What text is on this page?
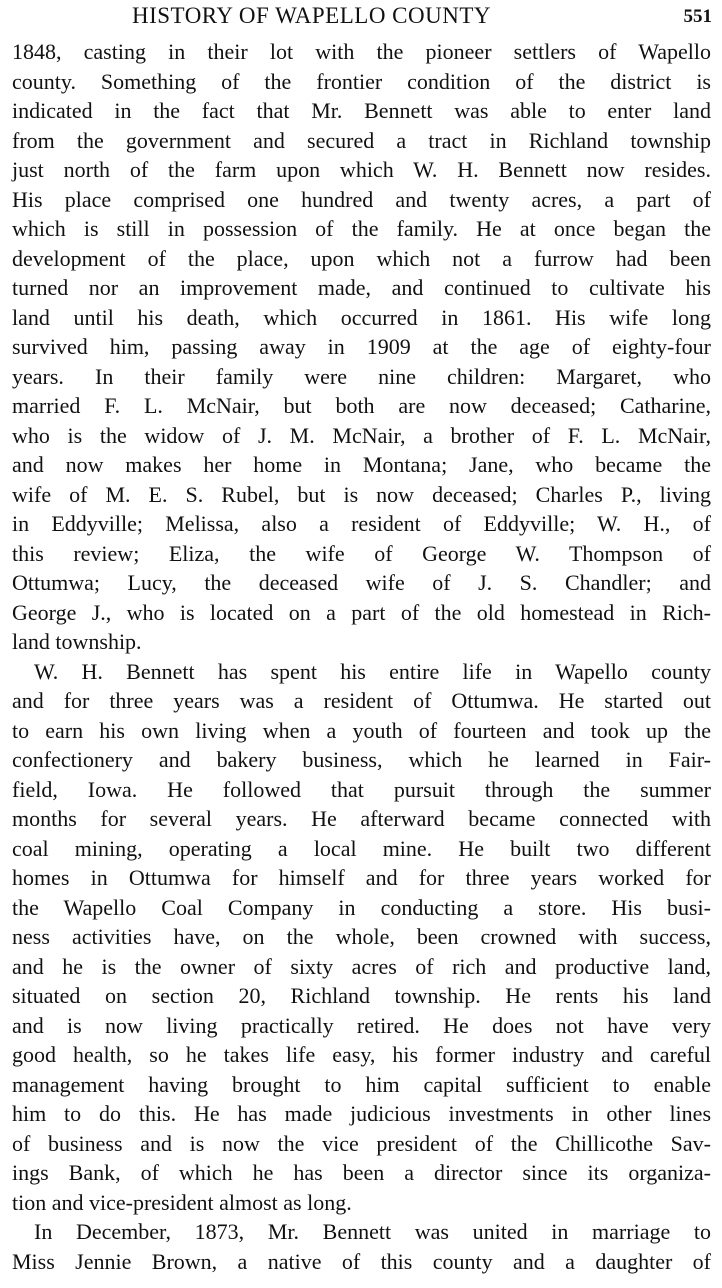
HISTORY OF WAPELLO COUNTY	551
1848, casting in their lot with the pioneer settlers of Wapello
county. Something of the frontier condition of the district is
indicated in the fact that Mr. Bennett was able to enter land
from the government and secured a tract in Richland township
just north of the farm upon which W. H. Bennett now resides.
His place comprised one hundred and twenty acres, a part of
which is still in possession of the family. He at once began the
development of the place, upon which not a furrow had been
turned nor an improvement made, and continued to cultivate his
land until his death, which occurred in 1861. His wife long
survived him, passing away in 1909 at the age of eighty-four
years. In their family were nine children: Margaret, who
married F. L. McNair, but both are now deceased; Catharine,
who is the widow of J. M. McNair, a brother of F. L. McNair,
and now makes her home in Montana; Jane, who became the
wife of M. E. S. Rubel, but is now deceased; Charles P., living
in Eddyville; Melissa, also a resident of Eddyville; W. H., of
this review; Eliza, the wife of George W. Thompson of
Ottumwa; Lucy, the deceased wife of J. S. Chandler; and
George J., who is located on a part of the old homestead in Rich-
land township.
W. H. Bennett has spent his entire life in Wapello county
and for three years was a resident of Ottumwa. He started out
to earn his own living when a youth of fourteen and took up the
confectionery and bakery business, which he learned in Fair-
field, Iowa. He followed that pursuit through the summer
months for several years. He afterward became connected with
coal mining, operating a local mine. He built two different
homes in Ottumwa for himself and for three years worked for
the Wapello Coal Company in conducting a store. His busi-
ness activities have, on the whole, been crowned with success,
and he is the owner of sixty acres of rich and productive land,
situated on section 20, Richland township. He rents his land
and is now living practically retired. He does not have very
good health, so he takes life easy, his former industry and careful
management having brought to him capital sufficient to enable
him to do this. He has made judicious investments in other lines
of business and is now the vice president of the Chillicothe Sav-
ings Bank, of which he has been a director since its organiza-
tion and vice-president almost as long.
In December, 1873, Mr. Bennett was united in marriage to
Miss Jennie Brown, a native of this county and a daughter of
